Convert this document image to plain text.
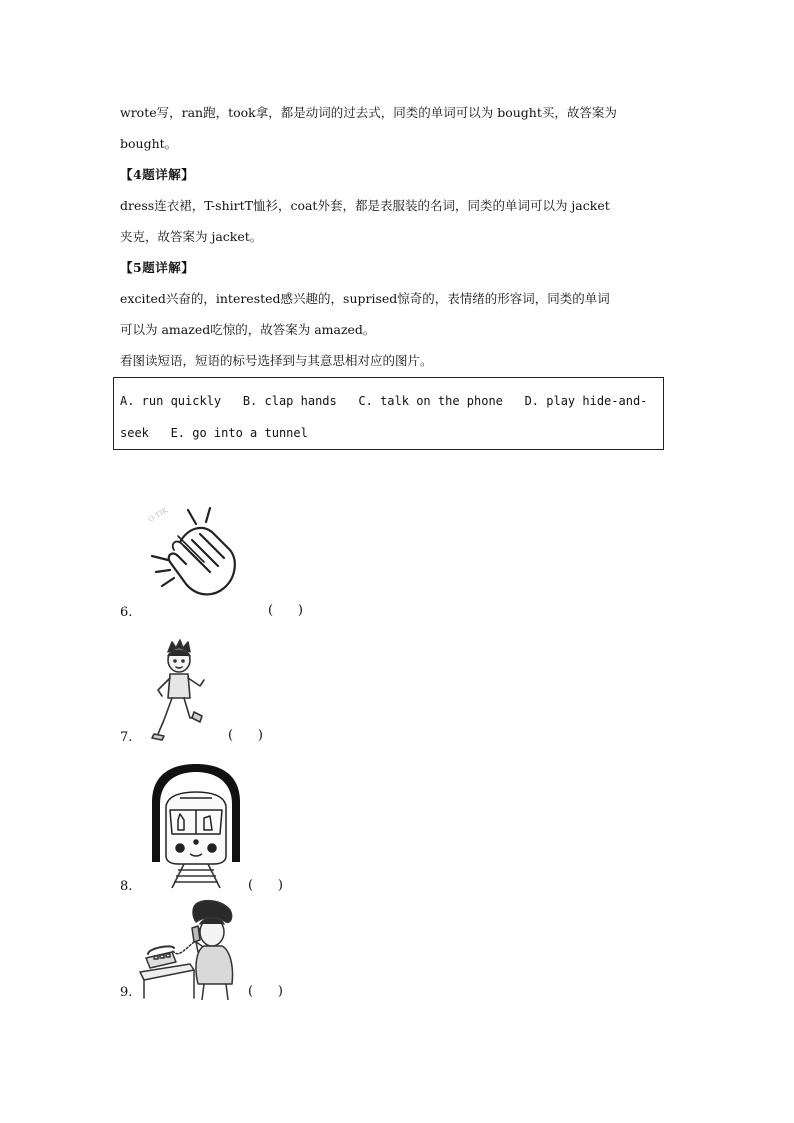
wrote写，ran跑，took拿，都是动词的过去式，同类的单词可以为 bought买，故答案为
bought。
【4题详解】
dress连衣裙，T-shirtT恤衫，coat外套，都是表服装的名词，同类的单词可以为 jacket
夹克，故答案为 jacket。
【5题详解】
excited兴奋的，interested感兴趣的，suprised惊奇的，表情绪的形容词，同类的单词
可以为 amazed吃惊的，故答案为 amazed。
看图读短语，短语的标号选择到与其意思相对应的图片。
A. run quickly   B. clap hands   C. talk on the phone   D. play hide-and-
seek   E. go into a tunnel
O TIK
6.	(      )
7.	(      )
8.	(      )
9.	(      )
